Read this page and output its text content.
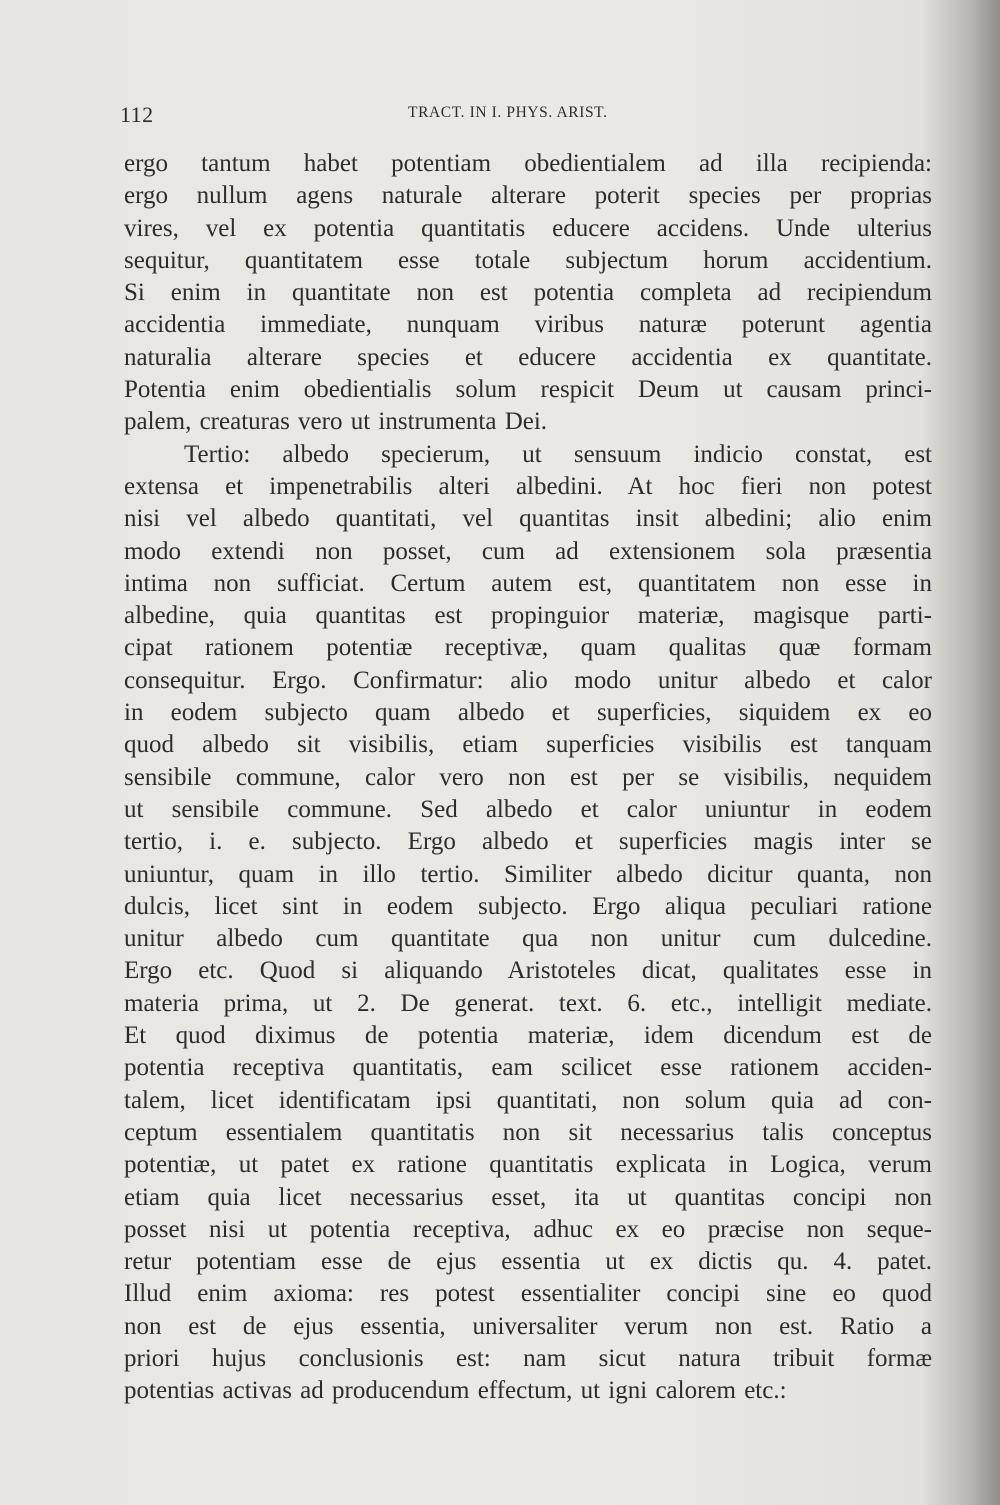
112	TRACT. IN I. PHYS. ARIST.
ergo tantum habet potentiam obedientialem ad illa recipienda:
ergo nullum agens naturale alterare poterit species per proprias
vires, vel ex potentia quantitatis educere accidens. Unde ulterius
sequitur, quantitatem esse totale subjectum horum accidentium.
Si enim in quantitate non est potentia completa ad recipiendum
accidentia immediate, nunquam viribus naturæ poterunt agentia
naturalia alterare species et educere accidentia ex quantitate.
Potentia enim obedientialis solum respicit Deum ut causam princi-
palem, creaturas vero ut instrumenta Dei.
Tertio: albedo specierum, ut sensuum indicio constat, est
extensa et impenetrabilis alteri albedini. At hoc fieri non potest
nisi vel albedo quantitati, vel quantitas insit albedini; alio enim
modo extendi non posset, cum ad extensionem sola præsentia
intima non sufficiat. Certum autem est, quantitatem non esse in
albedine, quia quantitas est propinguior materiæ, magisque parti-
cipat rationem potentiæ receptivæ, quam qualitas quæ formam
consequitur. Ergo. Confirmatur: alio modo unitur albedo et calor
in eodem subjecto quam albedo et superficies, siquidem ex eo
quod albedo sit visibilis, etiam superficies visibilis est tanquam
sensibile commune, calor vero non est per se visibilis, nequidem
ut sensibile commune. Sed albedo et calor uniuntur in eodem
tertio, i. e. subjecto. Ergo albedo et superficies magis inter se
uniuntur, quam in illo tertio. Similiter albedo dicitur quanta, non
dulcis, licet sint in eodem subjecto. Ergo aliqua peculiari ratione
unitur albedo cum quantitate qua non unitur cum dulcedine.
Ergo etc. Quod si aliquando Aristoteles dicat, qualitates esse in
materia prima, ut 2. De generat. text. 6. etc., intelligit mediate.
Et quod diximus de potentia materiæ, idem dicendum est de
potentia receptiva quantitatis, eam scilicet esse rationem acciden-
talem, licet identificatam ipsi quantitati, non solum quia ad con-
ceptum essentialem quantitatis non sit necessarius talis conceptus
potentiæ, ut patet ex ratione quantitatis explicata in Logica, verum
etiam quia licet necessarius esset, ita ut quantitas concipi non
posset nisi ut potentia receptiva, adhuc ex eo præcise non seque-
retur potentiam esse de ejus essentia ut ex dictis qu. 4. patet.
Illud enim axioma: res potest essentialiter concipi sine eo quod
non est de ejus essentia, universaliter verum non est. Ratio a
priori hujus conclusionis est: nam sicut natura tribuit formæ
potentias activas ad producendum effectum, ut igni calorem etc.:
